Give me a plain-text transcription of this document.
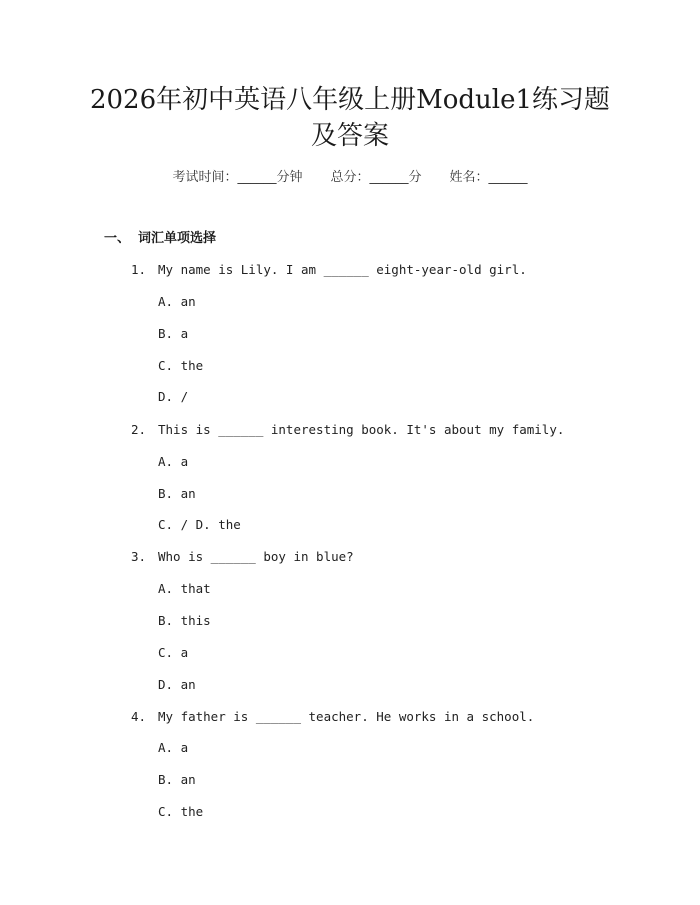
2026年初中英语八年级上册Module1练习题
及答案
考试时间：______分钟 总分：______分 姓名：______
一、 词汇单项选择
1. My name is Lily. I am ______ eight-year-old girl.
A. an
B. a
C. the
D. /
2. This is ______ interesting book. It's about my family.
A. a
B. an
C. / D. the
3. Who is ______ boy in blue?
A. that
B. this
C. a
D. an
4. My father is ______ teacher. He works in a school.
A. a
B. an
C. the
